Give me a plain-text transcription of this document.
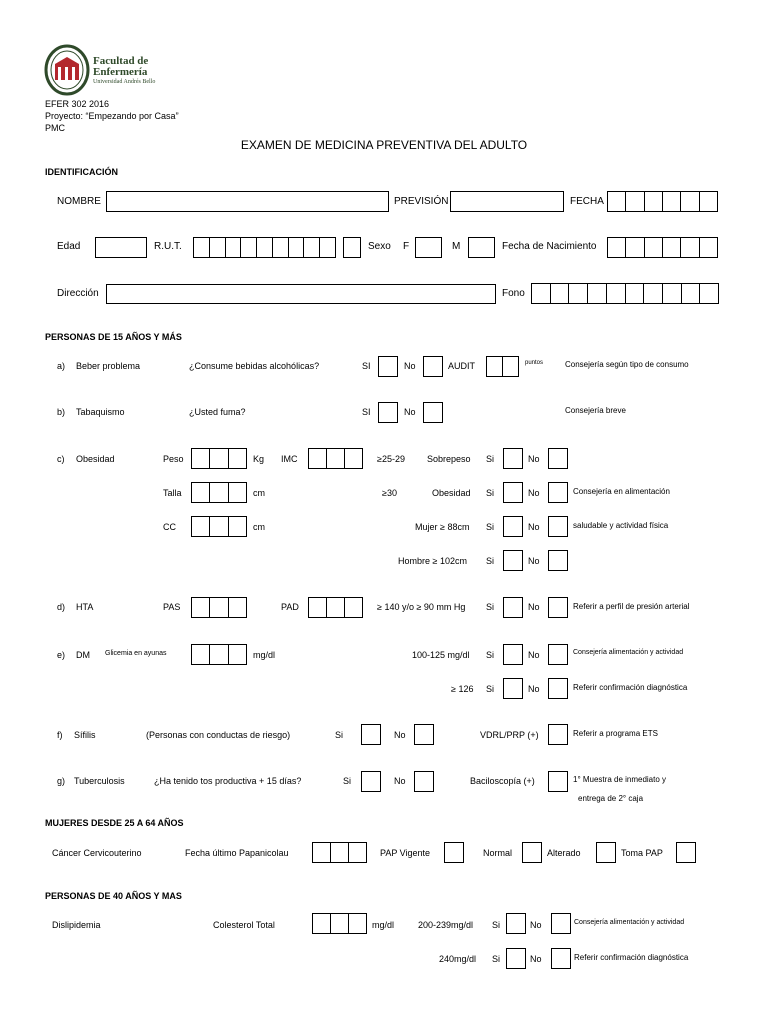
Facultad de
Enfermería
Universidad Andrés Bello
EFER 302 2016
Proyecto: “Empezando por Casa”
PMC
EXAMEN DE MEDICINA PREVENTIVA DEL ADULTO
IDENTIFICACIÓN
NOMBRE	PREVISIÓN	FECHA
Edad	R.U.T.	Sexo F	M	Fecha de Nacimiento
Dirección	Fono
PERSONAS DE 15 AÑOS Y MÁS
a) Beber problema	¿Consume bebidas alcohólicas?	SI	No	AUDIT	puntos	Consejería según tipo de consumo
b) Tabaquismo	¿Usted fuma?	SI	No	Consejería breve
c) Obesidad	Peso	Kg IMC	≥25-29 Sobrepeso Si	No
Talla	cm	≥30	Obesidad Si	No	Consejería en alimentación
CC	cm	Mujer ≥ 88cm Si	No	saludable y actividad física
Hombre ≥ 102cm Si	No
d) HTA	PAS	PAD	≥ 140 y/o ≥ 90 mm Hg Si	No	Referir a perfil de presión arterial
e) DM Glicemia en ayunas	mg/dl	100-125 mg/dl Si	No	Consejería alimentación y actividad
≥ 126 Si	No	Referir confirmación diagnóstica
f) Sífilis	(Personas con conductas de riesgo)	Si	No	VDRL/PRP (+)	Referir a programa ETS
g) Tuberculosis	¿Ha tenido tos productiva + 15 días?	Si	No	Baciloscopía (+)	1° Muestra de inmediato y
entrega de 2° caja
MUJERES DESDE 25 A 64 AÑOS
Cáncer Cervicouterino	Fecha último Papanicolau	PAP Vigente	Normal	Alterado	Toma PAP
PERSONAS DE 40 AÑOS Y MAS
Dislipidemia	Colesterol Total	mg/dl	200-239mg/dl Si	No	Consejería alimentación y actividad
240mg/dl Si	No	Referir confirmación diagnóstica
